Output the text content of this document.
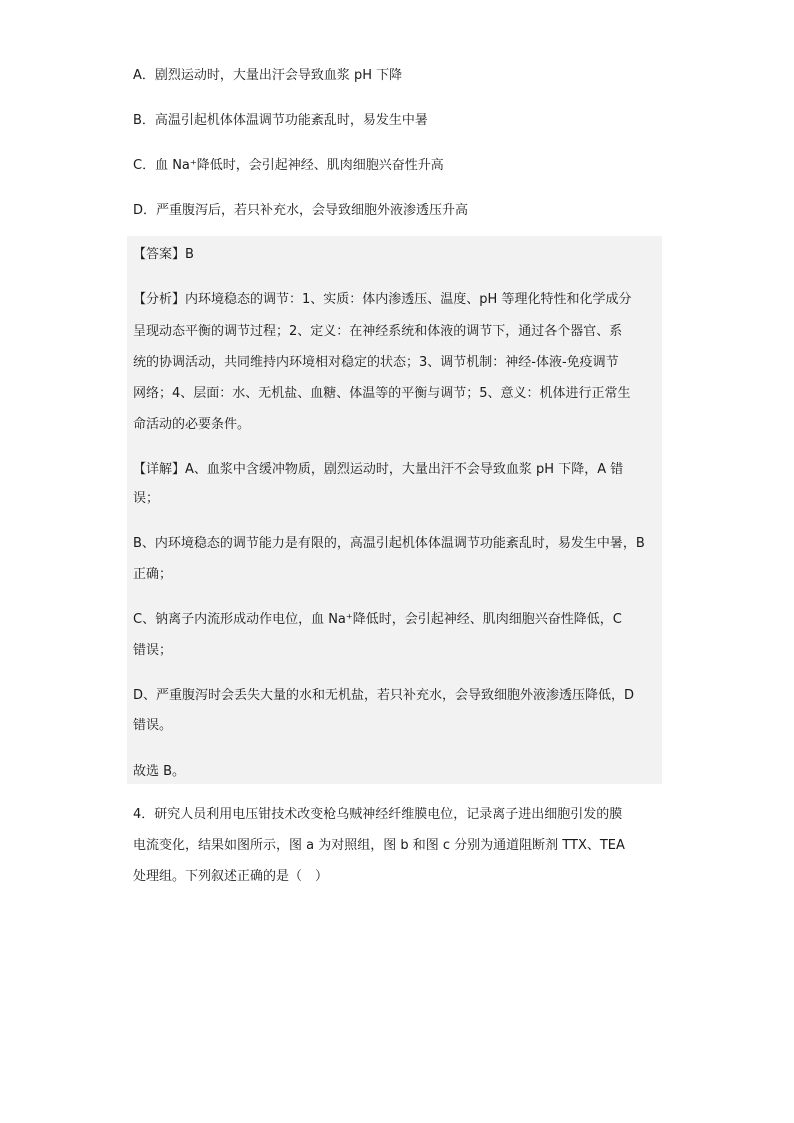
A．剧烈运动时，大量出汗会导致血浆 pH 下降
B．高温引起机体体温调节功能紊乱时，易发生中暑
C．血 Na⁺降低时，会引起神经、肌肉细胞兴奋性升高
D．严重腹泻后，若只补充水，会导致细胞外液渗透压升高
【答案】B
【分析】内环境稳态的调节：1、实质：体内渗透压、温度、pH 等理化特性和化学成分
呈现动态平衡的调节过程；2、定义：在神经系统和体液的调节下，通过各个器官、系
统的协调活动，共同维持内环境相对稳定的状态；3、调节机制：神经-体液-免疫调节
网络；4、层面：水、无机盐、血糖、体温等的平衡与调节；5、意义：机体进行正常生
命活动的必要条件。
【详解】A、血浆中含缓冲物质，剧烈运动时，大量出汗不会导致血浆 pH 下降，A 错
误；
B、内环境稳态的调节能力是有限的，高温引起机体体温调节功能紊乱时，易发生中暑，B
正确；
C、钠离子内流形成动作电位，血 Na⁺降低时，会引起神经、肌肉细胞兴奋性降低，C
错误；
D、严重腹泻时会丢失大量的水和无机盐，若只补充水，会导致细胞外液渗透压降低，D
错误。
故选 B。
4．研究人员利用电压钳技术改变枪乌贼神经纤维膜电位，记录离子进出细胞引发的膜
电流变化，结果如图所示，图 a 为对照组，图 b 和图 c 分别为通道阻断剂 TTX、TEA
处理组。下列叙述正确的是（　）
